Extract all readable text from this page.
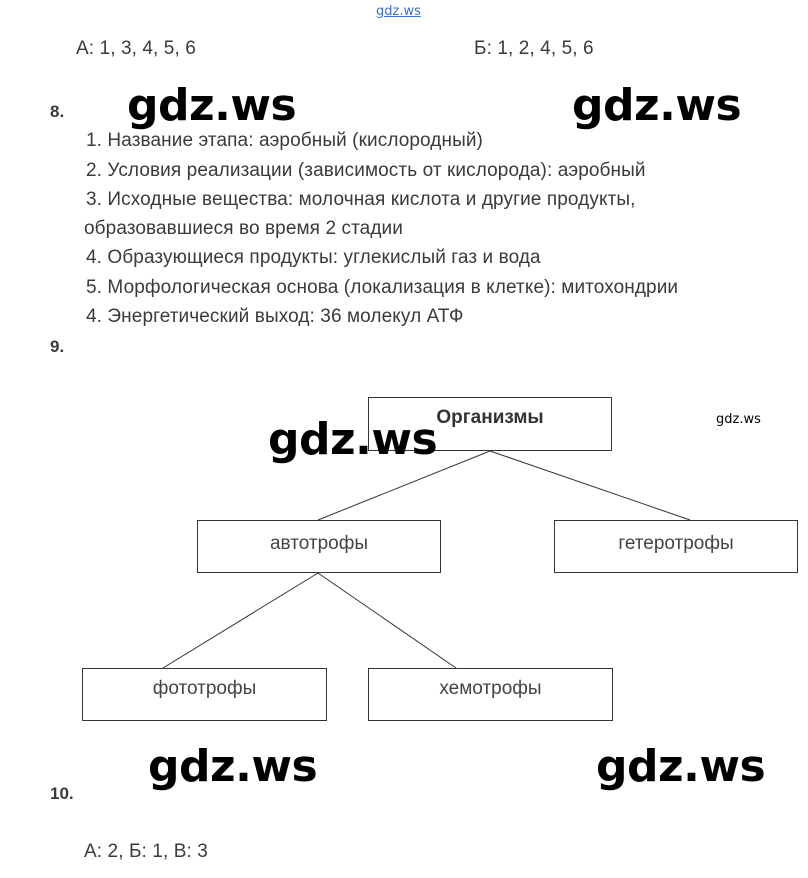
gdz.ws
А: 1, 3, 4, 5, 6	Б: 1, 2, 4, 5, 6
8. gdz.ws	gdz.ws
1. Название этапа: аэробный (кислородный)
2. Условия реализации (зависимость от кислорода): аэробный
3. Исходные вещества: молочная кислота и другие продукты,
образовавшиеся во время 2 стадии
4. Образующиеся продукты: углекислый газ и вода
5. Морфологическая основа (локализация в клетке): митохондрии
4. Энергетический выход: 36 молекул АТФ
9.
Организмы
автотрофы	гетеротрофы
фототрофы	хемотрофы
gdz.ws	gdz.ws
gdz.ws	gdz.ws
10.
А: 2, Б: 1, В: 3
